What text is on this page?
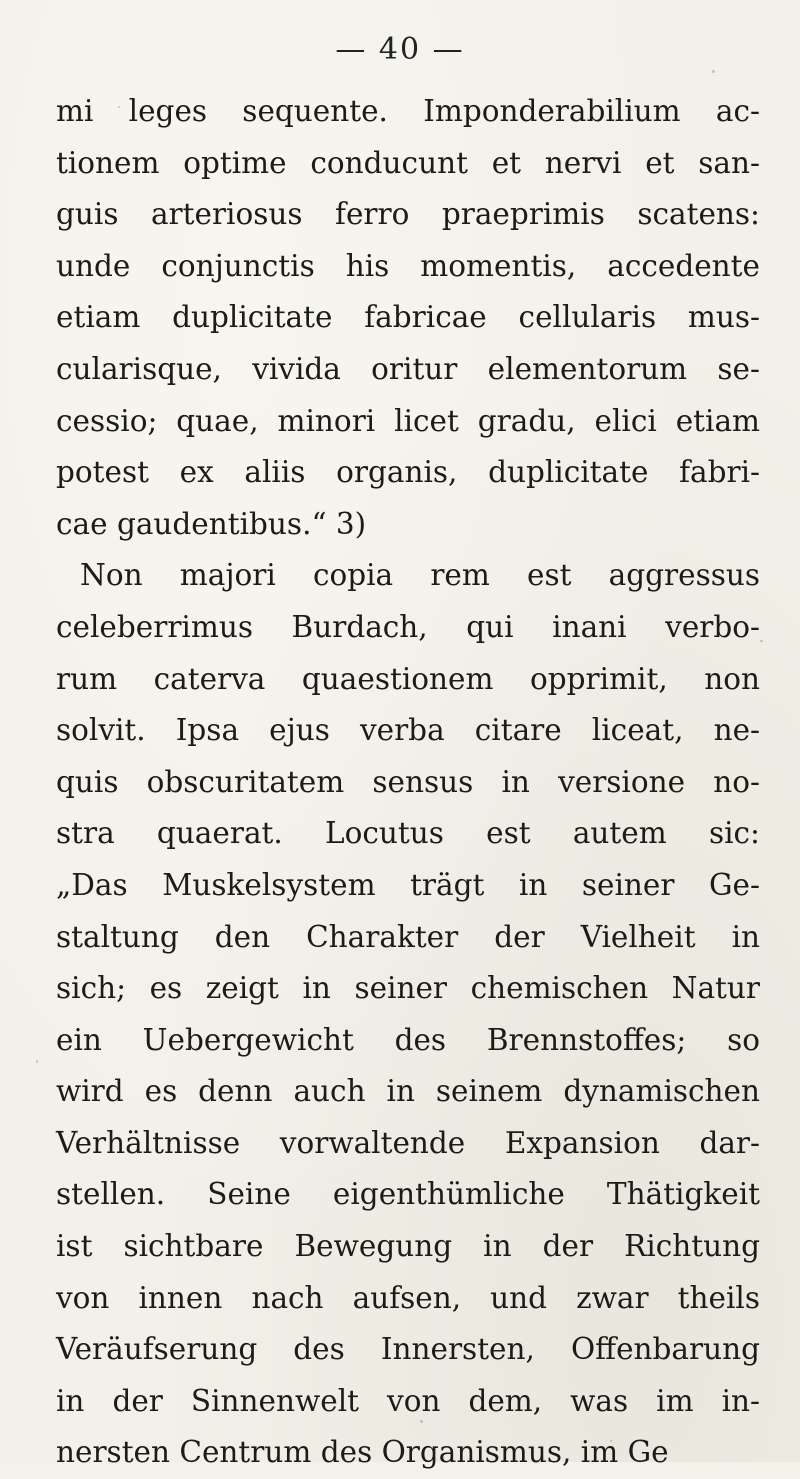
— 40 —
mi leges sequente. Imponderabilium ac-
tionem optime conducunt et nervi et san-
guis arteriosus ferro praeprimis scatens:
unde conjunctis his momentis, accedente
etiam duplicitate fabricae cellularis mus-
cularisque, vivida oritur elementorum se-
cessio; quae, minori licet gradu, elici etiam
potest ex aliis organis, duplicitate fabri-
cae gaudentibus.“ 3)
Non majori copia rem est aggressus
celeberrimus Burdach, qui inani verbo-
rum caterva quaestionem opprimit, non
solvit. Ipsa ejus verba citare liceat, ne-
quis obscuritatem sensus in versione no-
stra quaerat. Locutus est autem sic:
„Das Muskelsystem trägt in seiner Ge-
staltung den Charakter der Vielheit in
sich; es zeigt in seiner chemischen Natur
ein Uebergewicht des Brennstoffes; so
wird es denn auch in seinem dynamischen
Verhältnisse vorwaltende Expansion dar-
stellen. Seine eigenthümliche Thätigkeit
ist sichtbare Bewegung in der Richtung
von innen nach aufsen, und zwar theils
Veräufserung des Innersten, Offenbarung
in der Sinnenwelt von dem, was im in-
nersten Centrum des Organismus, im Ge
